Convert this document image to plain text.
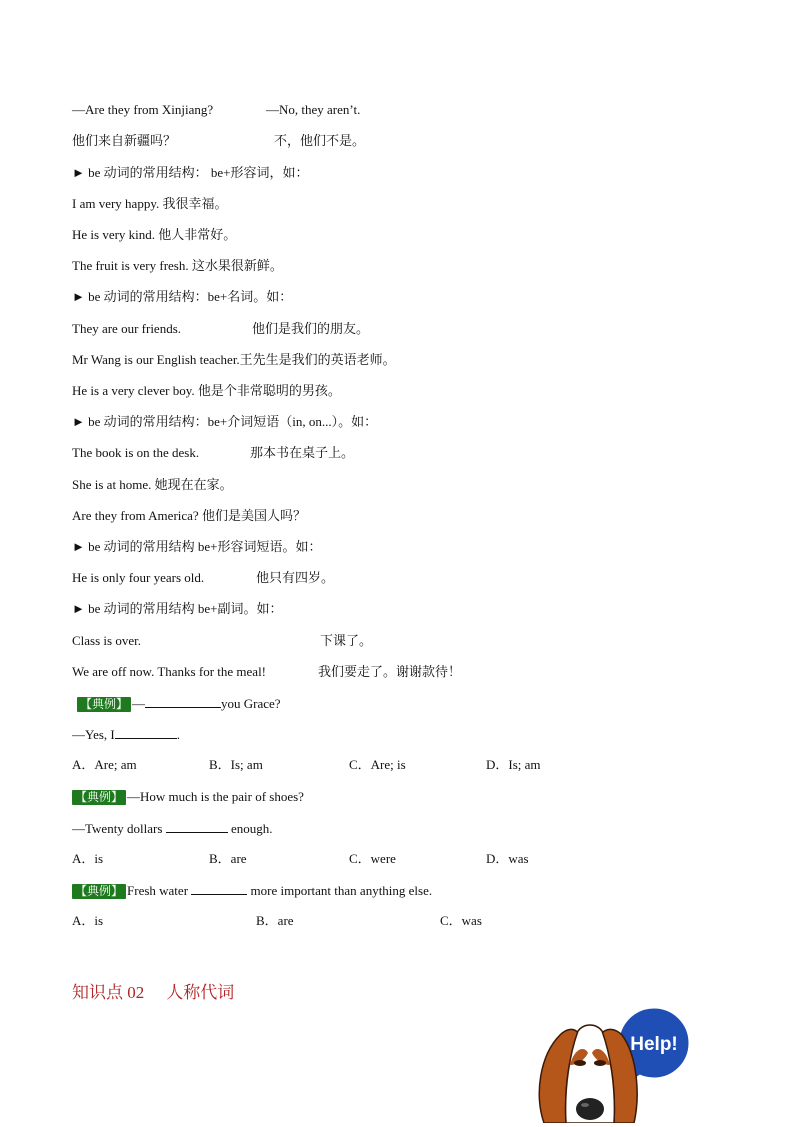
—Are they from Xinjiang?	—No, they aren’t.
他们来自新疆吗？	不，他们不是。
► be 动词的常用结构： be+形容词，如：
I am very happy. 我很幸福。
He is very kind. 他人非常好。
The fruit is very fresh. 这水果很新鲜。
► be 动词的常用结构：be+名词。如：
They are our friends.	他们是我们的朋友。
Mr Wang is our English teacher.王先生是我们的英语老师。
He is a very clever boy. 他是个非常聪明的男孩。
► be 动词的常用结构：be+介词短语（in, on...）。如：
The book is on the desk.	那本书在桌子上。
She is at home. 她现在在家。
Are they from America? 他们是美国人吗？
► be 动词的常用结构 be+形容词短语。如：
He is only four years old.	他只有四岁。
► be 动词的常用结构 be+副词。如：
Class is over.	下课了。
We are off now. Thanks for the meal!	我们要走了。谢谢款待！
【典例】 —	you Grace?
—Yes, I	.
A．Are; am	B．Is; am	C．Are; is	D．Is; am
【典例】 —How much is the pair of shoes?
—Twenty dollars	enough.
A．is	B．are	C．were	D．was
【典例】 Fresh water	more important than anything else.
A．is	B．are	C．was
知识点 02 人称代词
Help!
